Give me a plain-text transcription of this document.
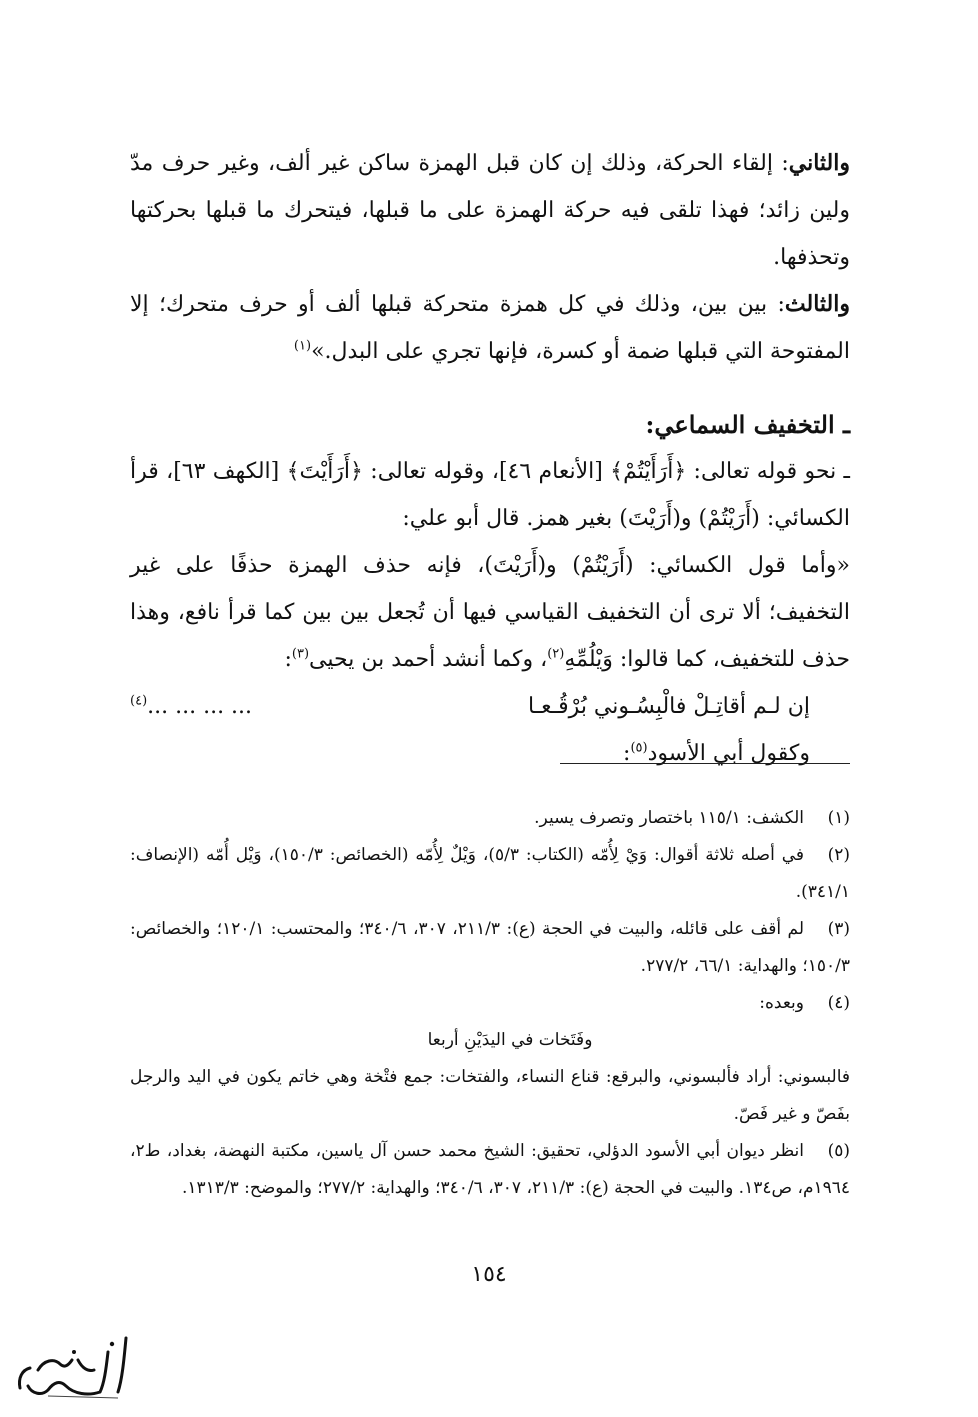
والثاني: إلقاء الحركة، وذلك إن كان قبل الهمزة ساكن غير ألف، وغير حرف مدّ ولين زائد؛ فهذا تلقى فيه حركة الهمزة على ما قبلها، فيتحرك ما قبلها بحركتها وتحذفها.

والثالث: بين بين، وذلك في كل همزة متحركة قبلها ألف أو حرف متحرك؛ إلا المفتوحة التي قبلها ضمة أو كسرة، فإنها تجري على البدل.»$^{(١)}$

ـ التخفيف السماعي:

ـ نحو قوله تعالى: ﴿أَرَأَيْتُمْ﴾ [الأنعام ٤٦]، وقوله تعالى: ﴿أَرَأَيْتَ﴾ [الكهف ٦٣]، قرأ الكسائي: (أَرَيْتُمْ) و(أَرَيْتَ) بغير همز. قال أبو علي:

«وأما قول الكسائي: (أَرَيْتُمْ) و(أَرَيْتَ)، فإنه حذف الهمزة حذفًا على غير التخفيف؛ ألا ترى أن التخفيف القياسي فيها أن تُجعل بين بين كما قرأ نافع، وهذا حذف للتخفيف، كما قالوا: وَيْلُمِّهِ$^{(٢)}$، وكما أنشد أحمد بن يحيى$^{(٣)}$:

إن لـم أقاتِـلْ فالْبِسُـوني بُرْقُـعـا
$^{(٤)}$... ... ... ...

وكقول أبي الأسود$^{(٥)}$:

(١)الكشف: ١١٥/١ باختصار وتصرف يسير.

(٢)في أصله ثلاثة أقوال: وَيْ لِأُمّه (الكتاب: ٥/٣)، وَيْلٌ لِأُمّه (الخصائص: ١٥٠/٣)، وَيْل أُمّه (الإنصاف: ٣٤١/١).

(٣)لم أقف على قائله، والبيت في الحجة (ع): ٢١١/٣، ٣٠٧، ٣٤٠/٦؛ والمحتسب: ١٢٠/١؛ والخصائص: ١٥٠/٣؛ والهداية: ٦٦/١، ٢٧٧/٢.

(٤)وبعده:

وفَتَخات في اليدَيْنِ أربعا

فالبسوني: أراد فألبسوني، والبرقع: قناع النساء، والفتخات: جمع فتْخة وهي خاتم يكون في اليد والرجل بفَصّ و غير فَصّ.

(٥)انظر ديوان أبي الأسود الدؤلي، تحقيق: الشيخ محمد حسن آل ياسين، مكتبة النهضة، بغداد، ط٢، ١٩٦٤م، ص١٣٤. والبيت في الحجة (ع): ٢١١/٣، ٣٠٧، ٣٤٠/٦؛ والهداية: ٢٧٧/٢؛ والموضح: ١٣١٣/٣.

١٥٤
